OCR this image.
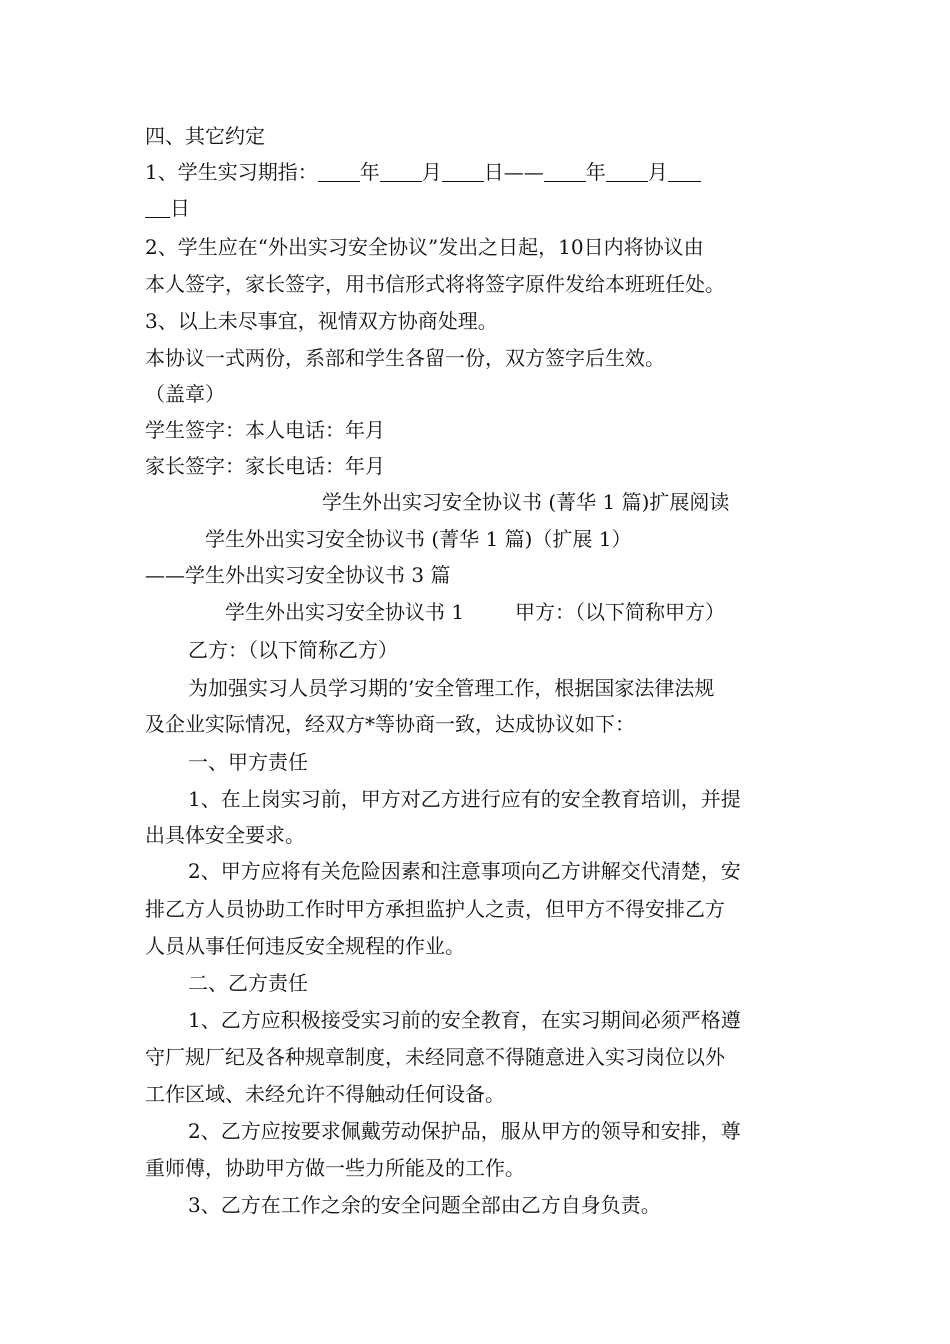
四、其它约定
1、学生实习期指： 年 月 日—— 年 月
日
2、学生应在“外出实习安全协议”发出之日起，10日内将协议由
本人签字，家长签字，用书信形式将将签字原件发给本班班任处。
3、以上未尽事宜，视情双方协商处理。
本协议一式两份，系部和学生各留一份，双方签字后生效。
（盖章）
学生签字：本人电话：年月
家长签字：家长电话：年月
学生外出实习安全协议书 (菁华 1 篇)扩展阅读
学生外出实习安全协议书 (菁华 1 篇)（扩展 1）
——学生外出实习安全协议书 3 篇
学生外出实习安全协议书 1        甲方：（以下简称甲方）
乙方：（以下简称乙方）
为加强实习人员学习期的’安全管理工作，根据国家法律法规
及企业实际情况，经双方*等协商一致，达成协议如下：
一、甲方责任
1、在上岗实习前，甲方对乙方进行应有的安全教育培训，并提
出具体安全要求。
2、甲方应将有关危险因素和注意事项向乙方讲解交代清楚，安
排乙方人员协助工作时甲方承担监护人之责，但甲方不得安排乙方
人员从事任何违反安全规程的作业。
二、乙方责任
1、乙方应积极接受实习前的安全教育，在实习期间必须严格遵
守厂规厂纪及各种规章制度，未经同意不得随意进入实习岗位以外
工作区域、未经允许不得触动任何设备。
2、乙方应按要求佩戴劳动保护品，服从甲方的领导和安排，尊
重师傅，协助甲方做一些力所能及的工作。
3、乙方在工作之余的安全问题全部由乙方自身负责。
